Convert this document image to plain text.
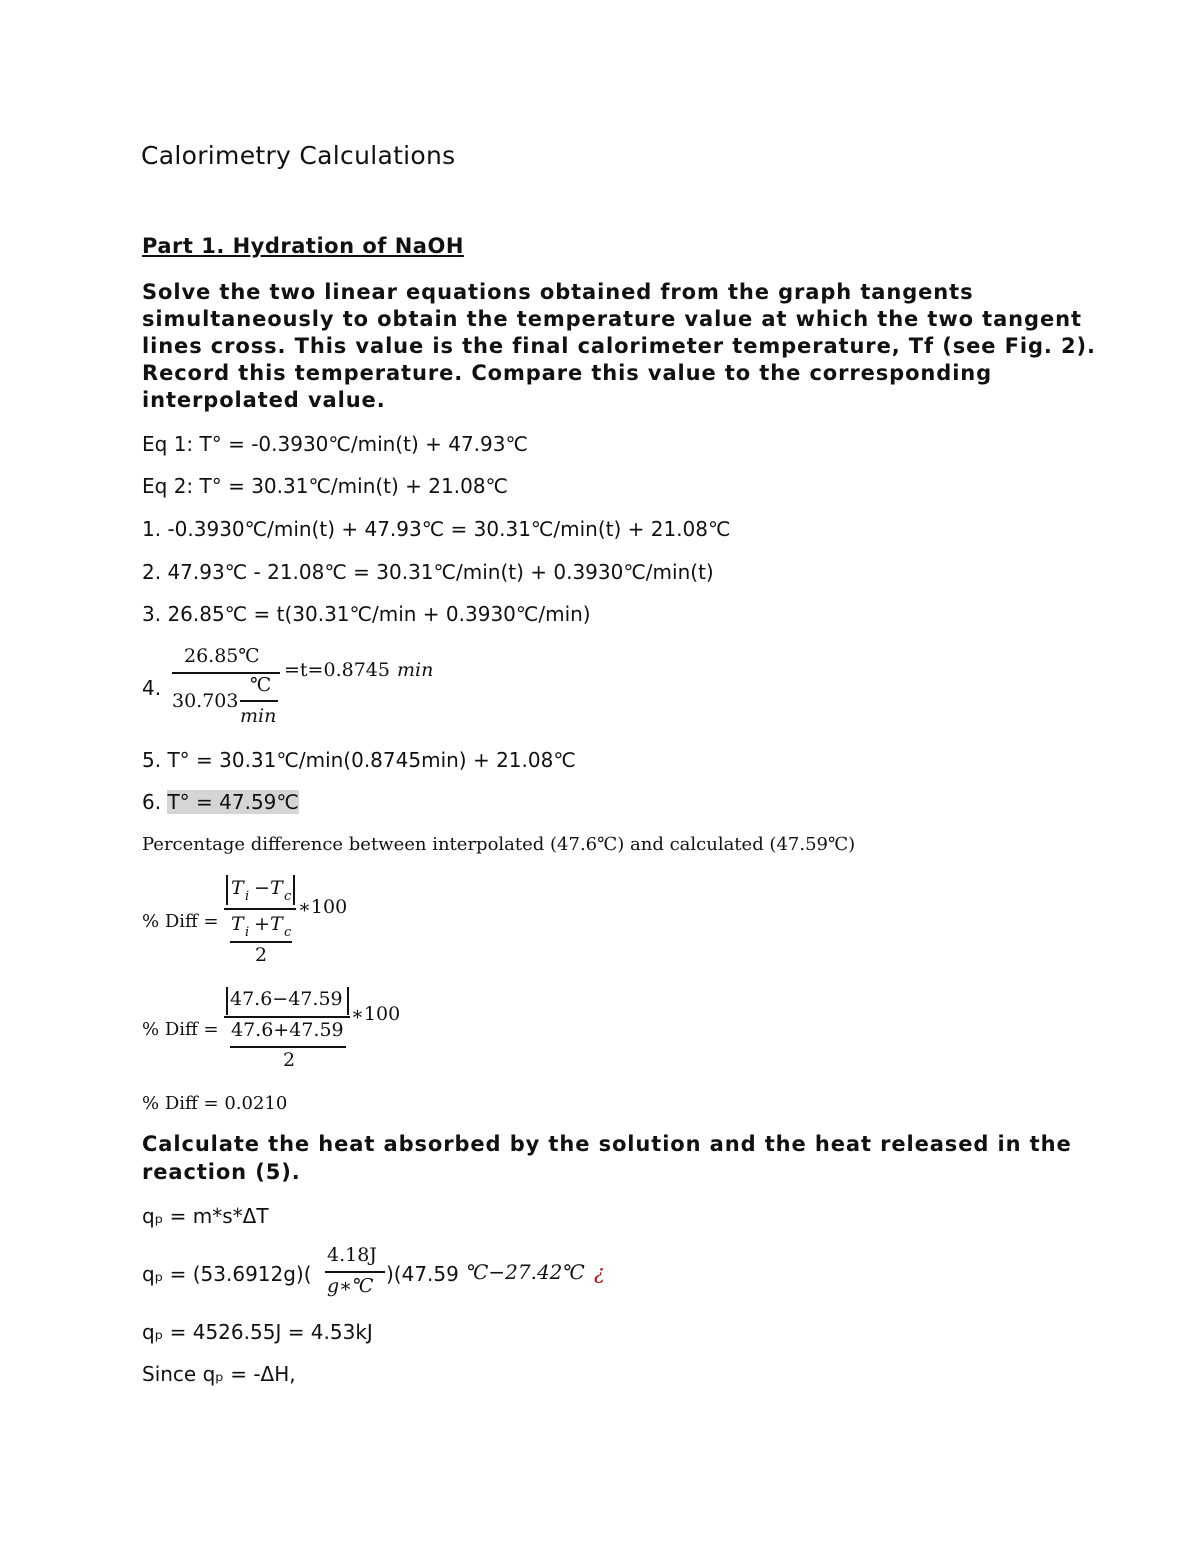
Calorimetry Calculations
Part 1. Hydration of NaOH
Solve the two linear equations obtained from the graph tangents
simultaneously to obtain the temperature value at which the two tangent
lines cross. This value is the final calorimeter temperature, Tf (see Fig. 2).
Record this temperature. Compare this value to the corresponding
interpolated value.
Eq 1: T° = -0.3930℃/min(t) + 47.93℃
Eq 2: T° = 30.31℃/min(t) + 21.08℃
1. -0.3930℃/min(t) + 47.93℃ = 30.31℃/min(t) + 21.08℃
2. 47.93℃ - 21.08℃ = 30.31℃/min(t) + 0.3930℃/min(t)
3. 26.85℃ = t(30.31℃/min + 0.3930℃/min)
4.
26.85℃
30.703
℃
min
=t=0.8745 min
5. T° = 30.31℃/min(0.8745min) + 21.08℃
6. T° = 47.59℃
Percentage difference between interpolated (47.6℃) and calculated (47.59℃)
% Diff =
T i − T c ∗100
T i + T c
2
% Diff =
47.6−47.59
∗100
47.6+47.59
2
% Diff = 0.0210
Calculate the heat absorbed by the solution and the heat released in the
reaction (5).
qₚ = m*s*ΔT
qₚ = (53.6912g)(
4.18J
g∗℃ )(47.59 ℃−27.42℃ ¿
qₚ = 4526.55J = 4.53kJ
Since qₚ = -ΔH,
